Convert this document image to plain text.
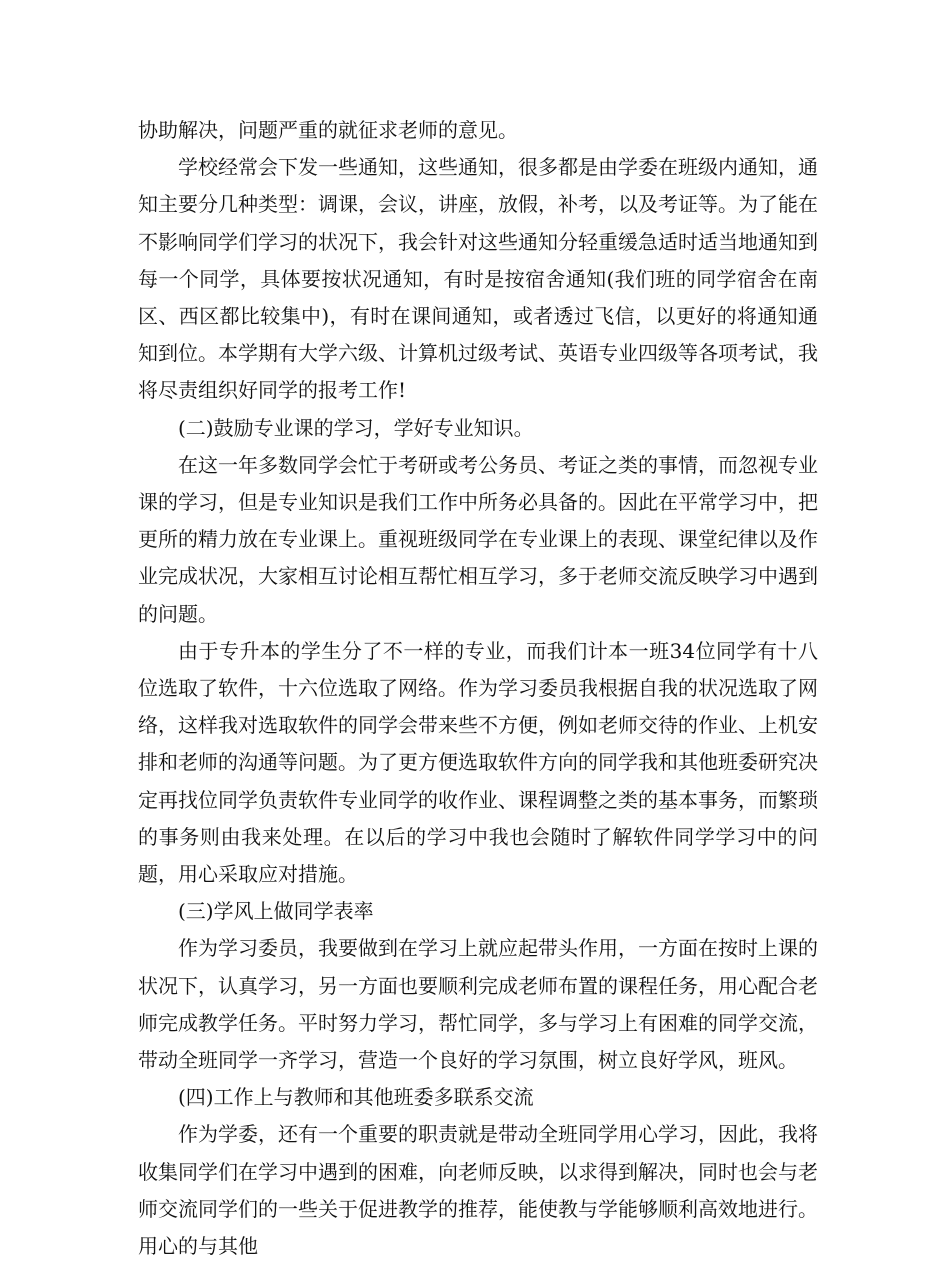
协助解决，问题严重的就征求老师的意见。

学校经常会下发一些通知，这些通知，很多都是由学委在班级内通知，通知主要分几种类型：调课，会议，讲座，放假，补考，以及考证等。为了能在不影响同学们学习的状况下，我会针对这些通知分轻重缓急适时适当地通知到每一个同学，具体要按状况通知，有时是按宿舍通知(我们班的同学宿舍在南区、西区都比较集中)，有时在课间通知，或者透过飞信，以更好的将通知通知到位。本学期有大学六级、计算机过级考试、英语专业四级等各项考试，我将尽责组织好同学的报考工作!

(二)鼓励专业课的学习，学好专业知识。

在这一年多数同学会忙于考研或考公务员、考证之类的事情，而忽视专业课的学习，但是专业知识是我们工作中所务必具备的。因此在平常学习中，把更所的精力放在专业课上。重视班级同学在专业课上的表现、课堂纪律以及作业完成状况，大家相互讨论相互帮忙相互学习，多于老师交流反映学习中遇到的问题。

由于专升本的学生分了不一样的专业，而我们计本一班34位同学有十八位选取了软件，十六位选取了网络。作为学习委员我根据自我的状况选取了网络，这样我对选取软件的同学会带来些不方便，例如老师交待的作业、上机安排和老师的沟通等问题。为了更方便选取软件方向的同学我和其他班委研究决定再找位同学负责软件专业同学的收作业、课程调整之类的基本事务，而繁琐的事务则由我来处理。在以后的学习中我也会随时了解软件同学学习中的问题，用心采取应对措施。

(三)学风上做同学表率

作为学习委员，我要做到在学习上就应起带头作用，一方面在按时上课的状况下，认真学习，另一方面也要顺利完成老师布置的课程任务，用心配合老师完成教学任务。平时努力学习，帮忙同学，多与学习上有困难的同学交流，带动全班同学一齐学习，营造一个良好的学习氛围，树立良好学风，班风。

(四)工作上与教师和其他班委多联系交流

作为学委，还有一个重要的职责就是带动全班同学用心学习，因此，我将收集同学们在学习中遇到的困难，向老师反映，以求得到解决，同时也会与老师交流同学们的一些关于促进教学的推荐，能使教与学能够顺利高效地进行。用心的与其他
